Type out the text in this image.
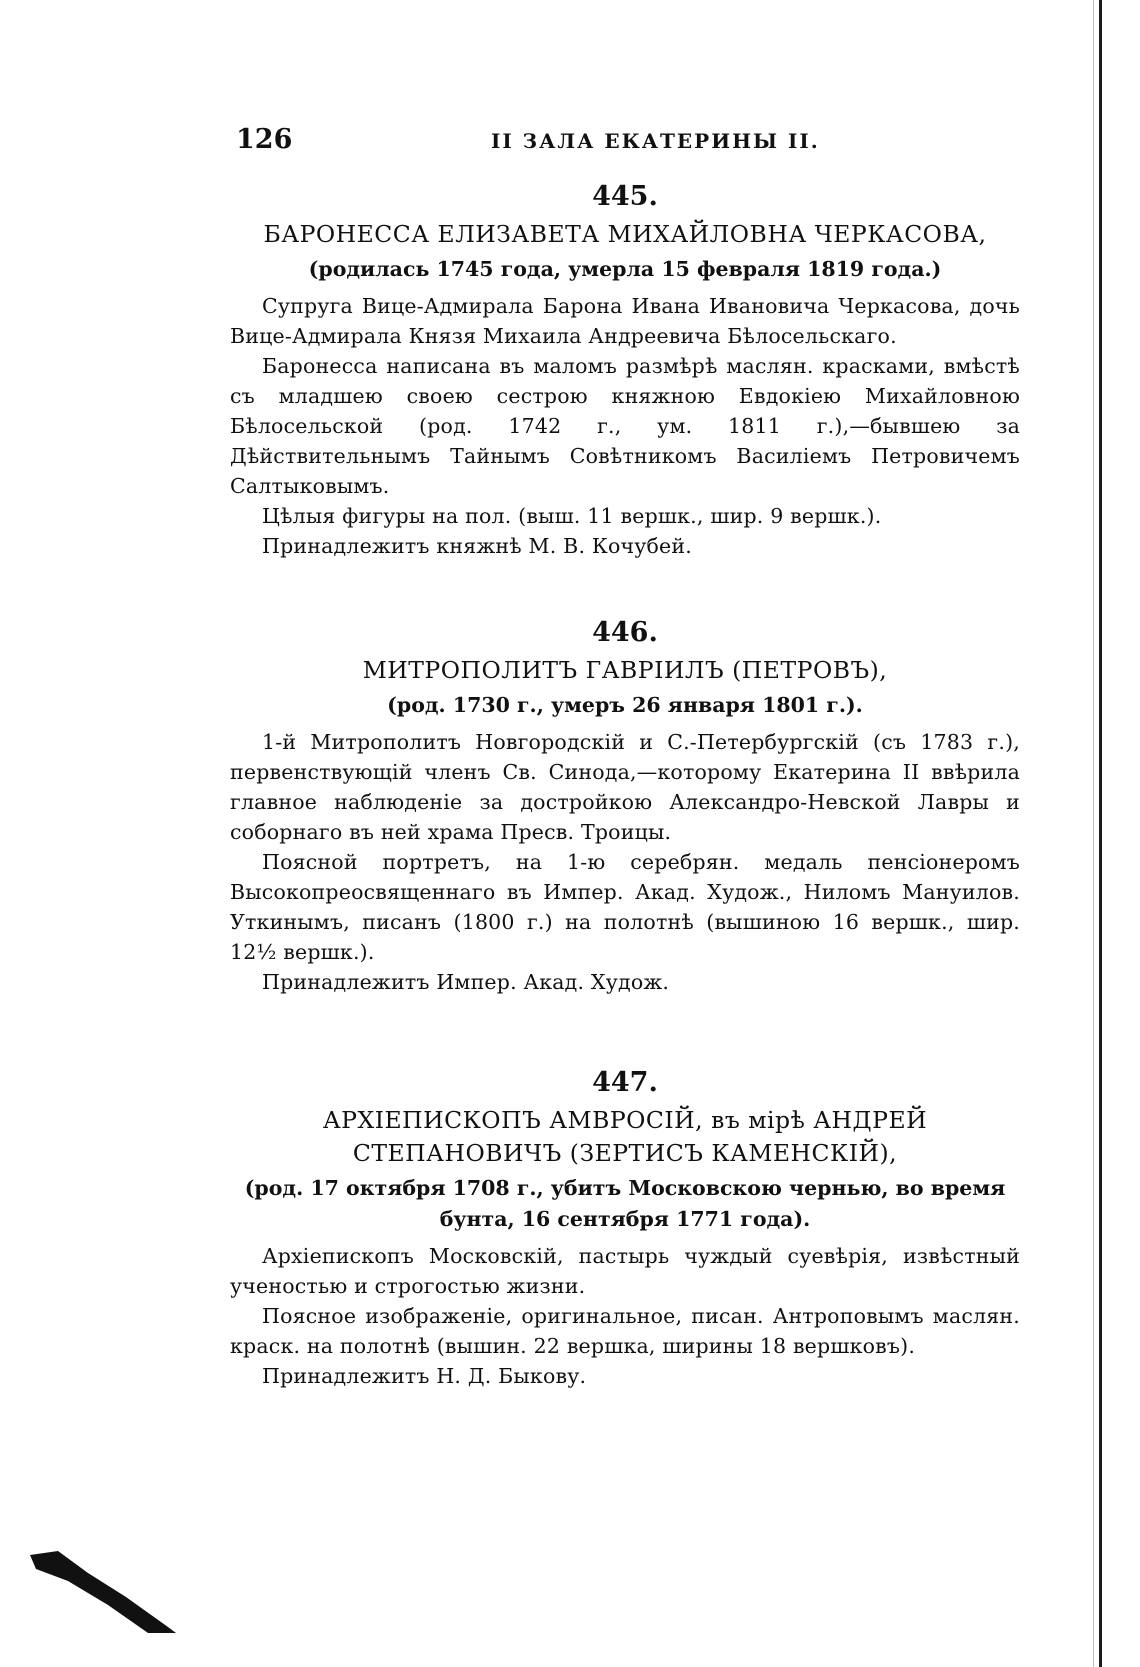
126	II ЗАЛА ЕКАТЕРИНЫ II.

445.

БАРОНЕССА ЕЛИЗАВЕТА МИХАЙЛОВНА ЧЕРКАСОВА,

(родилась 1745 года, умерла 15 февраля 1819 года.)

Супруга Вице-Адмирала Барона Ивана Ивановича Черкасова, дочь Вице-Адмирала Князя Михаила Андреевича Бѣлосельскаго.

Баронесса написана въ маломъ размѣрѣ маслян. красками, вмѣстѣ съ младшею своею сестрою княжною Евдокіею Михайловною Бѣлосельской (род. 1742 г., ум. 1811 г.),—бывшею за Дѣйствительнымъ Тайнымъ Совѣтникомъ Василіемъ Петровичемъ Салтыковымъ.

Цѣлыя фигуры на пол. (выш. 11 вершк., шир. 9 вершк.).

Принадлежитъ княжнѣ М. В. Кочубей.

446.

МИТРОПОЛИТЪ ГАВРІИЛЪ (ПЕТРОВЪ),

(род. 1730 г., умеръ 26 января 1801 г.).

1-й Митрополитъ Новгородскій и С.-Петербургскій (съ 1783 г.), первенствующій членъ Св. Синода,—которому Екатерина II ввѣрила главное наблюденіе за достройкою Александро-Невской Лавры и соборнаго въ ней храма Пресв. Троицы.

Поясной портретъ, на 1-ю серебрян. медаль пенсіонеромъ Высокопреосвященнаго въ Импер. Акад. Худож., Ниломъ Мануилов. Уткинымъ, писанъ (1800 г.) на полотнѣ (вышиною 16 вершк., шир. 12½ вершк.).

Принадлежитъ Импер. Акад. Худож.

447.

АРХІЕПИСКОПЪ АМВРОСІЙ, въ мірѣ АНДРЕЙ СТЕПАНОВИЧЪ (ЗЕРТИСЪ КАМЕНСКІЙ),

(род. 17 октября 1708 г., убитъ Московскою чернью, во время бунта, 16 сентября 1771 года).

Архіепископъ Московскій, пастырь чуждый суевѣрія, извѣстный ученостью и строгостью жизни.

Поясное изображеніе, оригинальное, писан. Антроповымъ маслян. краск. на полотнѣ (вышин. 22 вершка, ширины 18 вершковъ).

Принадлежитъ Н. Д. Быкову.
